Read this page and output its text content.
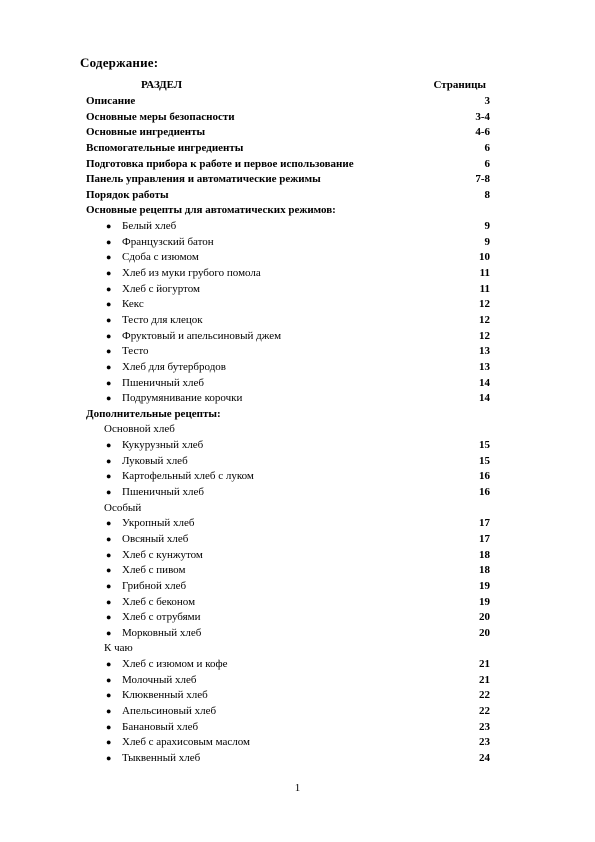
Содержание:
РАЗДЕЛ	Страницы
Описание	3
Основные меры безопасности	3-4
Основные ингредиенты	4-6
Вспомогательные ингредиенты	6
Подготовка прибора к работе и первое использование	6
Панель управления и автоматические режимы	7-8
Порядок работы	8
Основные рецепты для автоматических режимов:
● Белый хлеб	9
● Французский батон	9
● Сдоба с изюмом	10
● Хлеб из муки грубого помола	11
● Хлеб с йогуртом	11
● Кекс	12
● Тесто для клецок	12
● Фруктовый и апельсиновый джем	12
● Тесто	13
● Хлеб для бутербродов	13
● Пшеничный хлеб	14
● Подрумянивание корочки	14
Дополнительные рецепты:
Основной хлеб
● Кукурузный хлеб	15
● Луковый хлеб	15
● Картофельный хлеб с луком	16
● Пшеничный хлеб	16
Особый
● Укропный хлеб	17
● Овсяный хлеб	17
● Хлеб с кунжутом	18
● Хлеб с пивом	18
● Грибной хлеб	19
● Хлеб с беконом	19
● Хлеб с отрубями	20
● Морковный хлеб	20
К чаю
● Хлеб с изюмом и кофе	21
● Молочный хлеб	21
● Клюквенный хлеб	22
● Апельсиновый хлеб	22
● Банановый хлеб	23
● Хлеб с арахисовым маслом	23
● Тыквенный хлеб	24
1
